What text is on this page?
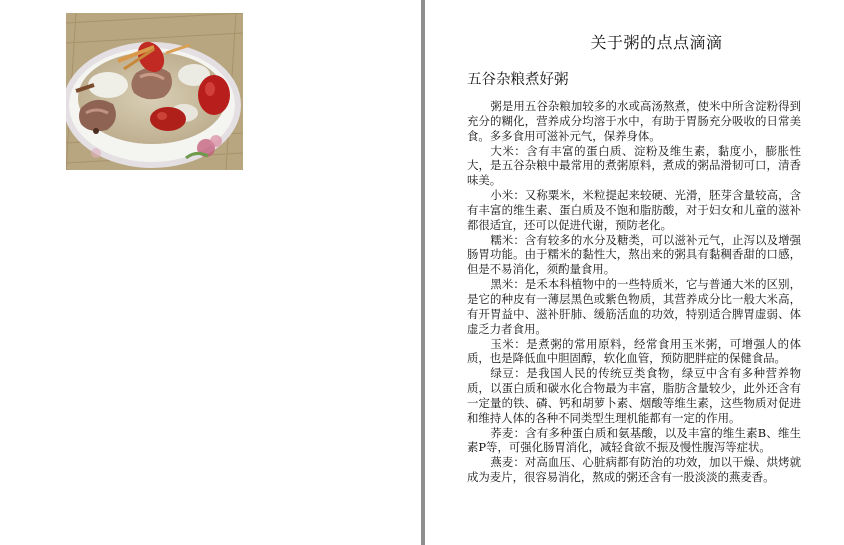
关于粥的点点滴滴
五谷杂粮煮好粥

粥是用五谷杂粮加较多的水或高汤熬煮，使米中所含淀粉得到充分的糊化，营养成分均溶于水中，有助于胃肠充分吸收的日常美食。多多食用可滋补元气，保养身体。

大米：含有丰富的蛋白质、淀粉及维生素，黏度小，膨胀性大，是五谷杂粮中最常用的煮粥原料，煮成的粥品滑韧可口，清香味美。

小米：又称粟米，米粒提起来较硬、光滑，胚芽含量较高，含有丰富的维生素、蛋白质及不饱和脂肪酸，对于妇女和儿童的滋补都很适宜，还可以促进代谢，预防老化。

糯米：含有较多的水分及糖类，可以滋补元气，止泻以及增强肠胃功能。由于糯米的黏性大，熬出来的粥具有黏稠香甜的口感，但是不易消化，须酌量食用。

黑米：是禾本科植物中的一些特质米，它与普通大米的区别，是它的种皮有一薄层黑色或紫色物质，其营养成分比一般大米高，有开胃益中、滋补肝肺、缓筋活血的功效，特别适合脾胃虚弱、体虚乏力者食用。

玉米：是煮粥的常用原料，经常食用玉米粥，可增强人的体质，也是降低血中胆固醇，软化血管，预防肥胖症的保健食品。

绿豆：是我国人民的传统豆类食物，绿豆中含有多种营养物质，以蛋白质和碳水化合物最为丰富，脂肪含量较少，此外还含有一定量的铁、磷、钙和胡萝卜素、烟酸等维生素，这些物质对促进和维持人体的各种不同类型生理机能都有一定的作用。

荞麦：含有多种蛋白质和氨基酸，以及丰富的维生素B、维生素P等，可强化肠胃消化，减轻食欲不振及慢性腹泻等症状。

燕麦：对高血压、心脏病都有防治的功效，加以干燥、烘烤就成为麦片，很容易消化，熬成的粥还含有一股淡淡的燕麦香。
